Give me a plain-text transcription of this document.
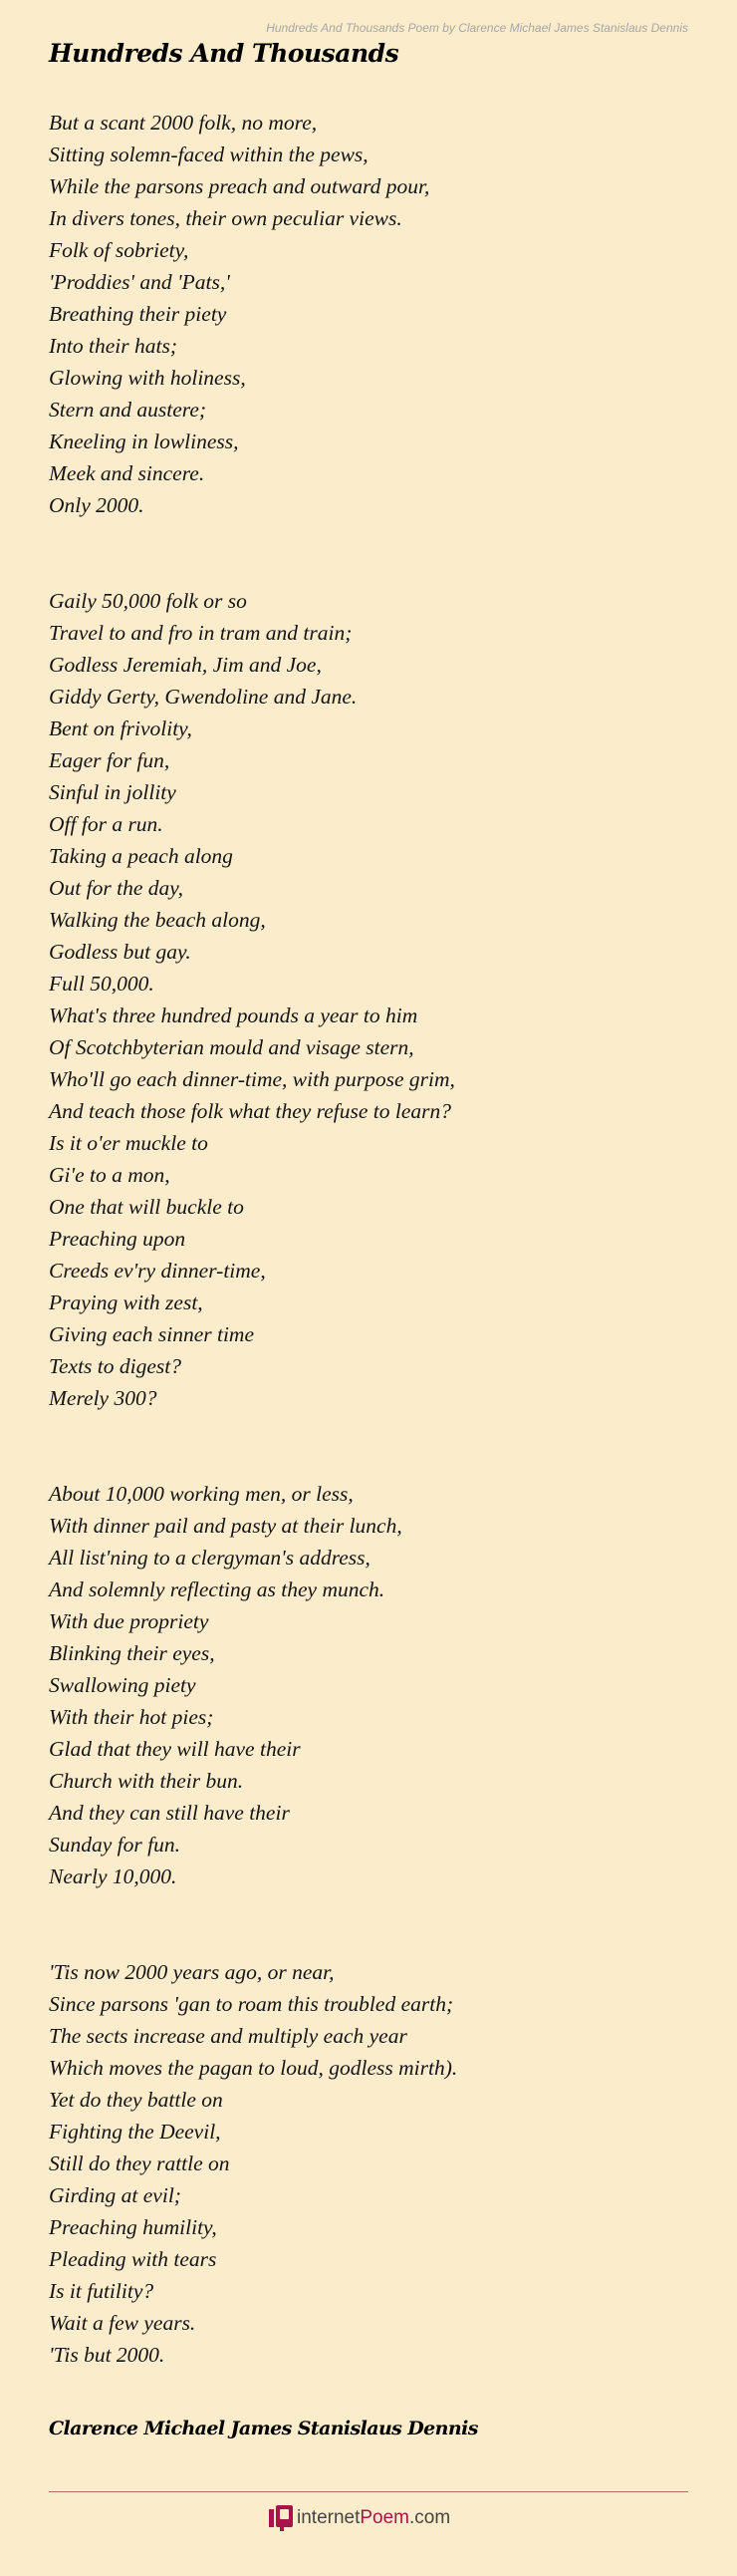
Hundreds And Thousands Poem by Clarence Michael James Stanislaus Dennis
Hundreds And Thousands
But a scant 2000 folk, no more,
Sitting solemn-faced within the pews,
While the parsons preach and outward pour,
In divers tones, their own peculiar views.
Folk of sobriety,
'Proddies' and 'Pats,'
Breathing their piety
Into their hats;
Glowing with holiness,
Stern and austere;
Kneeling in lowliness,
Meek and sincere.
Only 2000.
Gaily 50,000 folk or so
Travel to and fro in tram and train;
Godless Jeremiah, Jim and Joe,
Giddy Gerty, Gwendoline and Jane.
Bent on frivolity,
Eager for fun,
Sinful in jollity
Off for a run.
Taking a peach along
Out for the day,
Walking the beach along,
Godless but gay.
Full 50,000.
What's three hundred pounds a year to him
Of Scotchbyterian mould and visage stern,
Who'll go each dinner-time, with purpose grim,
And teach those folk what they refuse to learn?
Is it o'er muckle to
Gi'e to a mon,
One that will buckle to
Preaching upon
Creeds ev'ry dinner-time,
Praying with zest,
Giving each sinner time
Texts to digest?
Merely 300?
About 10,000 working men, or less,
With dinner pail and pasty at their lunch,
All list'ning to a clergyman's address,
And solemnly reflecting as they munch.
With due propriety
Blinking their eyes,
Swallowing piety
With their hot pies;
Glad that they will have their
Church with their bun.
And they can still have their
Sunday for fun.
Nearly 10,000.
'Tis now 2000 years ago, or near,
Since parsons 'gan to roam this troubled earth;
The sects increase and multiply each year
Which moves the pagan to loud, godless mirth).
Yet do they battle on
Fighting the Deevil,
Still do they rattle on
Girding at evil;
Preaching humility,
Pleading with tears
Is it futility?
Wait a few years.
'Tis but 2000.
Clarence Michael James Stanislaus Dennis
internetPoem.com
